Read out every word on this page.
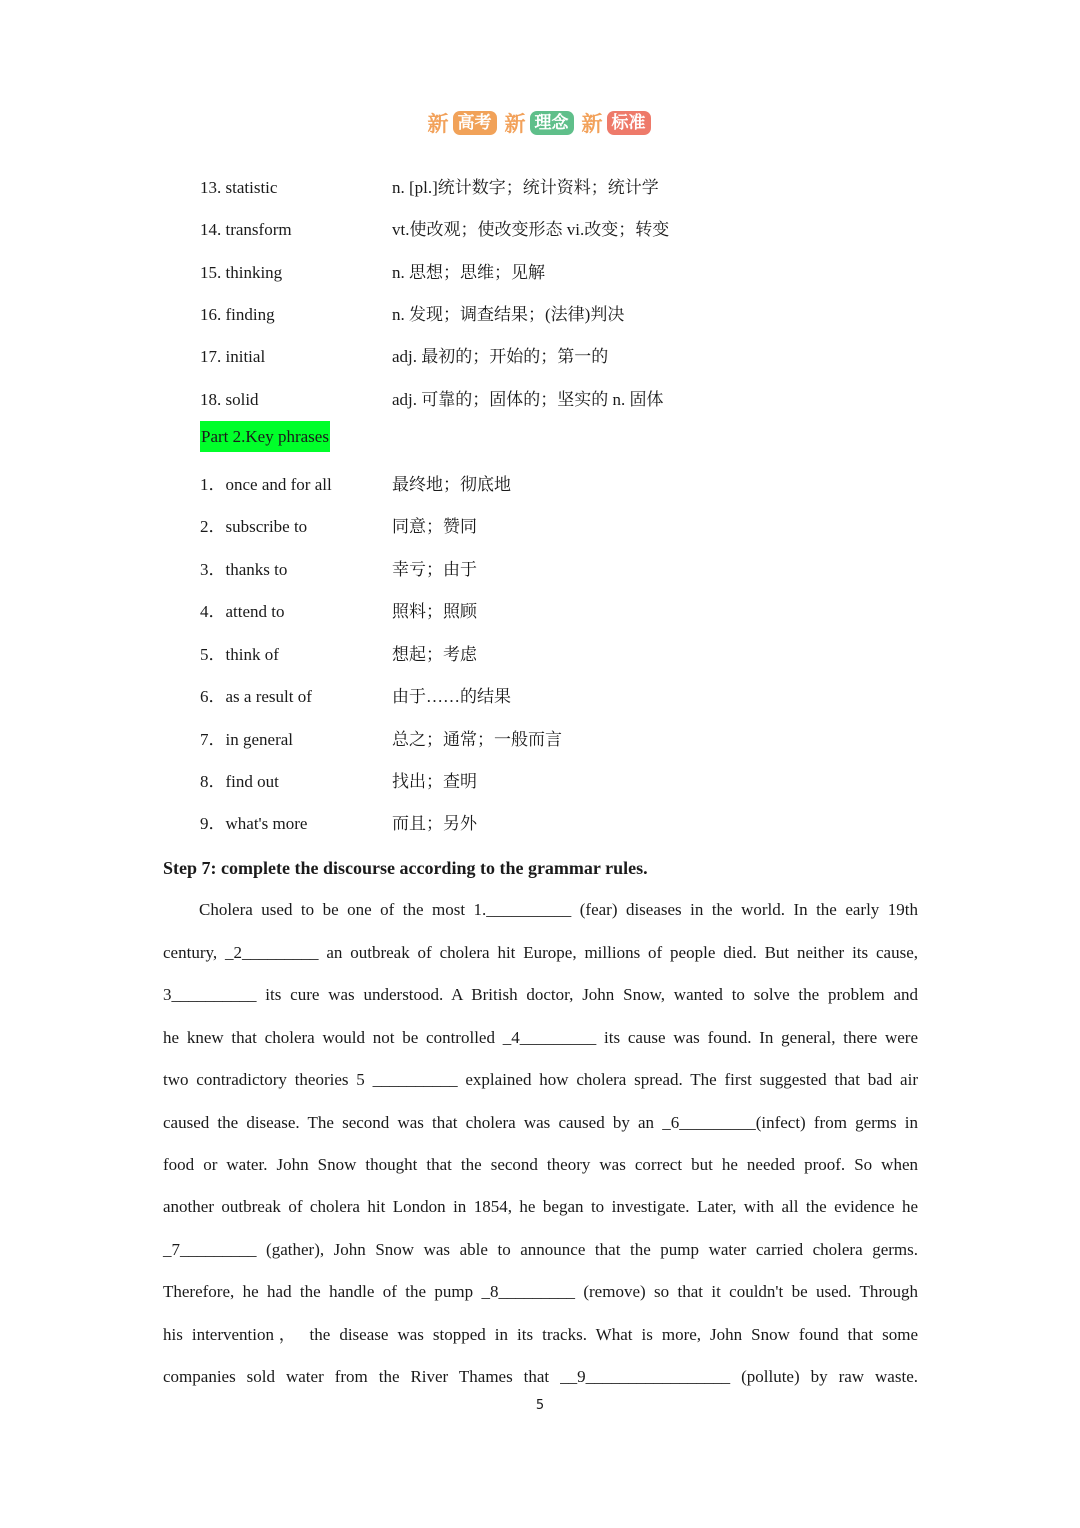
新 高考 新 理念 新 标准
13. statistic	n. [pl.]统计数字；统计资料；统计学
14. transform	vt.使改观；使改变形态 vi.改变；转变
15. thinking	n. 思想；思维；见解
16. finding	n. 发现；调查结果；(法律)判决
17. initial	adj. 最初的；开始的；第一的
18. solid	adj. 可靠的；固体的；坚实的 n. 固体
Part 2.Key phrases
1．once and for all	最终地；彻底地
2．subscribe to	同意；赞同
3．thanks to	幸亏；由于
4．attend to	照料；照顾
5．think of	想起；考虑
6．as a result of	由于……的结果
7．in general	总之；通常；一般而言
8．find out	找出；查明
9．what's more	而且；另外
Step 7: complete the discourse according to the grammar rules.
Cholera used to be one of the most 1.__________ (fear) diseases in the world. In the early 19th
century, _2_________ an outbreak of cholera hit Europe, millions of people died. But neither its cause,
3__________ its cure was understood. A British doctor, John Snow, wanted to solve the problem and
he knew that cholera would not be controlled _4_________ its cause was found. In general, there were
two contradictory theories 5 __________ explained how cholera spread. The first suggested that bad air
caused the disease. The second was that cholera was caused by an _6_________(infect) from germs in
food or water. John Snow thought that the second theory was correct but he needed proof. So when
another outbreak of cholera hit London in 1854, he began to investigate. Later, with all the evidence he
_7_________ (gather), John Snow was able to announce that the pump water carried cholera germs.
Therefore, he had the handle of the pump _8_________ (remove) so that it couldn't be used. Through
his intervention， the disease was stopped in its tracks. What is more, John Snow found that some
companies sold water from the River Thames that __9_________________ (pollute) by raw waste.
5
